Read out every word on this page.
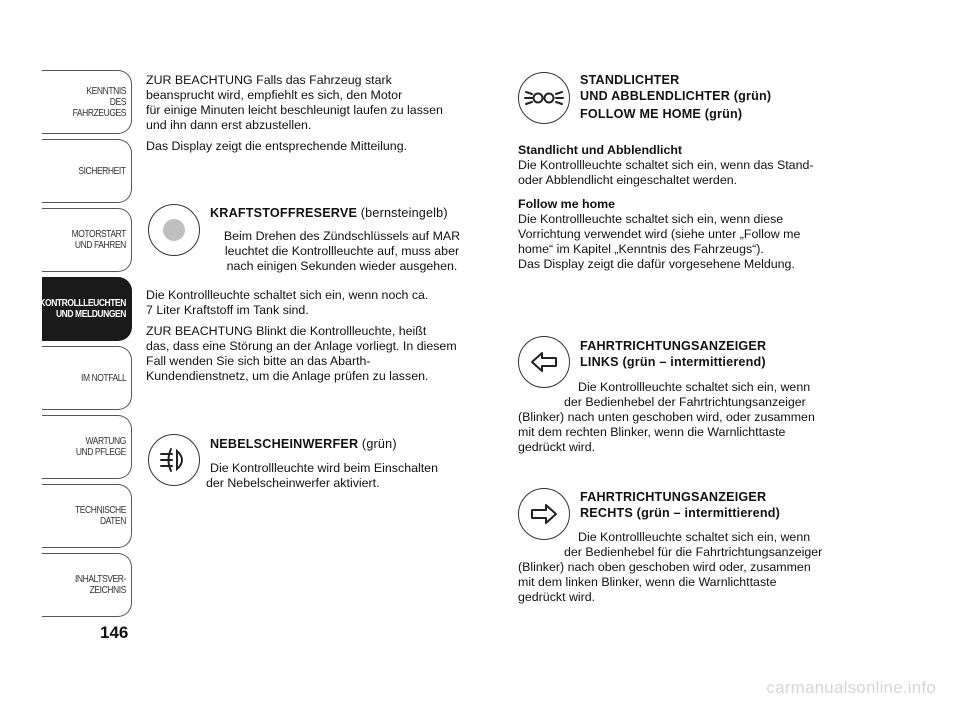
KENNTNIS
DES FAHRZEUGES
SICHERHEIT
MOTORSTART
UND FAHREN
KONTROLLLEUCHTEN
UND MELDUNGEN
IM NOTFALL
WARTUNG
UND PFLEGE
TECHNISCHE
DATEN
INHALTSVER-
ZEICHNIS
146

ZUR BEACHTUNG Falls das Fahrzeug stark

beansprucht wird, empfiehlt es sich, den Motor

für einige Minuten leicht beschleunigt laufen zu lassen

und ihn dann erst abzustellen.

Das Display zeigt die entsprechende Mitteilung.

KRAFTSTOFFRESERVE (bernsteingelb)

Beim Drehen des Zündschlüssels auf MAR

leuchtet die Kontrollleuchte auf, muss aber

nach einigen Sekunden wieder ausgehen.

Die Kontrollleuchte schaltet sich ein, wenn noch ca.

7 Liter Kraftstoff im Tank sind.

ZUR BEACHTUNG Blinkt die Kontrollleuchte, heißt

das, dass eine Störung an der Anlage vorliegt. In diesem

Fall wenden Sie sich bitte an das Abarth-

Kundendienstnetz, um die Anlage prüfen zu lassen.

NEBELSCHEINWERFER (grün)

Die Kontrollleuchte wird beim Einschalten

der Nebelscheinwerfer aktiviert.

STANDLICHTER

UND ABBLENDLICHTER (grün)

FOLLOW ME HOME (grün)

Standlicht und Abblendlicht

Die Kontrollleuchte schaltet sich ein, wenn das Stand-

oder Abblendlicht eingeschaltet werden.

Follow me home

Die Kontrollleuchte schaltet sich ein, wenn diese

Vorrichtung verwendet wird (siehe unter „Follow me

home“ im Kapitel „Kenntnis des Fahrzeugs“).

Das Display zeigt die dafür vorgesehene Meldung.

FAHRTRICHTUNGSANZEIGER

LINKS (grün – intermittierend)

Die Kontrollleuchte schaltet sich ein, wenn

der Bedienhebel der Fahrtrichtungsanzeiger

(Blinker) nach unten geschoben wird, oder zusammen

mit dem rechten Blinker, wenn die Warnlichttaste

gedrückt wird.

FAHRTRICHTUNGSANZEIGER

RECHTS (grün – intermittierend)

Die Kontrollleuchte schaltet sich ein, wenn

der Bedienhebel für die Fahrtrichtungsanzeiger

(Blinker) nach oben geschoben wird oder, zusammen

mit dem linken Blinker, wenn die Warnlichttaste

gedrückt wird.

carmanualsonline.info
